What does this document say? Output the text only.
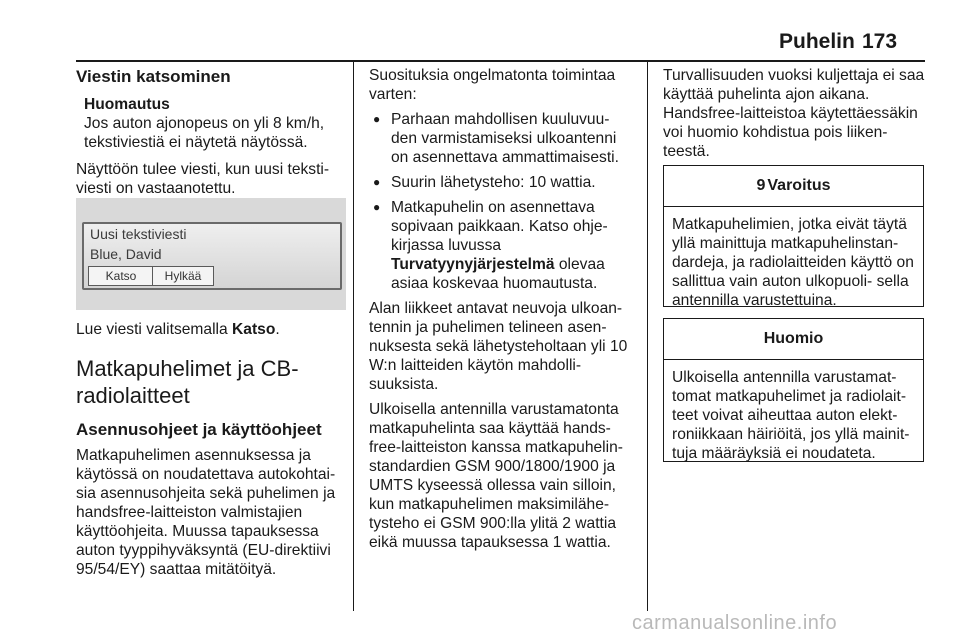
Puhelin 173
Viestin katsominen
Huomautus
Jos auton ajonopeus on yli 8 km/h, tekstiviestiä ei näytetä näytössä.

Näyttöön tulee viesti, kun uusi teksti- viesti on vastaanotettu.

Uusi tekstiviesti
Blue, David
Katso	Hylkää

Lue viesti valitsemalla Katso.

Matkapuhelimet ja CB- radiolaitteet
Asennusohjeet ja käyttöohjeet

Matkapuhelimen asennuksessa ja käytössä on noudatettava autokohtai- sia asennusohjeita sekä puhelimen ja handsfree-laitteiston valmistajien käyttöohjeita. Muussa tapauksessa auton tyyppihyväksyntä (EU-direktiivi 95/54/EY) saattaa mitätöityä.

Suosituksia ongelmatonta toimintaa varten:

● Parhaan mahdollisen kuuluvuu- den varmistamiseksi ulkoantenni on asennettava ammattimaisesti.
● Suurin lähetysteho: 10 wattia.
● Matkapuhelin on asennettava sopivaan paikkaan. Katso ohje- kirjassa luvussa
Turvatyynyjärjestelmä olevaa asiaa koskevaa huomautusta.

Alan liikkeet antavat neuvoja ulkoan- tennin ja puhelimen telineen asen- nuksesta sekä lähetysteholtaan yli 10 W:n laitteiden käytön mahdolli- suuksista.

Ulkoisella antennilla varustamatonta matkapuhelinta saa käyttää hands- free-laitteiston kanssa matkapuhelin- standardien GSM 900/1800/1900 ja UMTS kyseessä ollessa vain silloin, kun matkapuhelimen maksimilähe- tysteho ei GSM 900:lla ylitä 2 wattia eikä muussa tapauksessa 1 wattia.

Turvallisuuden vuoksi kuljettaja ei saa käyttää puhelinta ajon aikana. Handsfree-laitteistoa käytettäessäkin voi huomio kohdistua pois liiken- teestä.

9 Varoitus
Matkapuhelimien, jotka eivät täytä yllä mainittuja matkapuhelinstan- dardeja, ja radiolaitteiden käyttö on sallittua vain auton ulkopuoli- sella antennilla varustettuina.
Huomio
Ulkoisella antennilla varustamat- tomat matkapuhelimet ja radiolait- teet voivat aiheuttaa auton elekt- roniikkaan häiriöitä, jos yllä mainit- tuja määräyksiä ei noudateta.
carmanualsonline.info
